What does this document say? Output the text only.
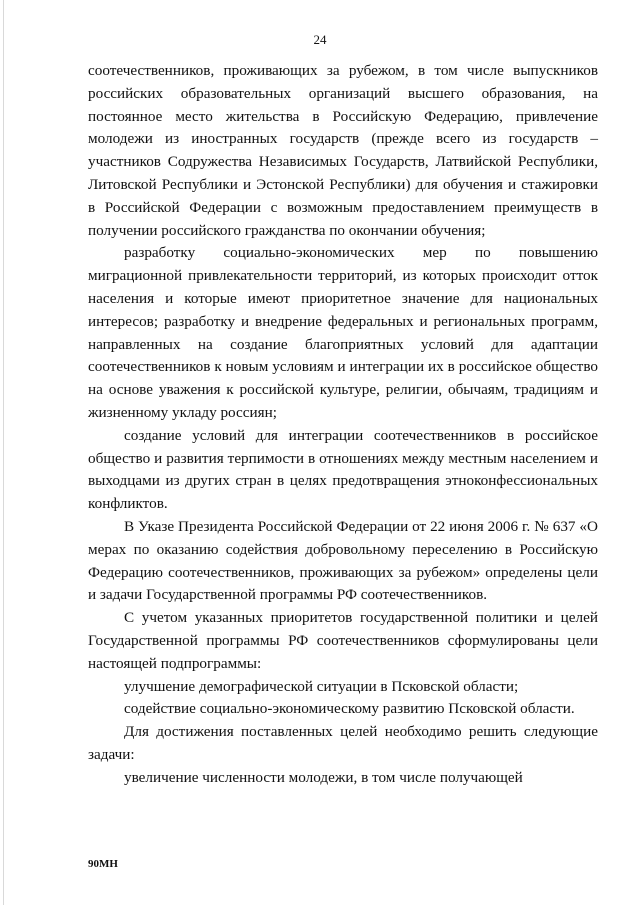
24

соотечественников, проживающих за рубежом, в том числе выпускников российских образовательных организаций высшего образования, на постоянное место жительства в Российскую Федерацию, привлечение молодежи из иностранных государств (прежде всего из государств – участников Содружества Независимых Государств, Латвийской Республики, Литовской Республики и Эстонской Республики) для обучения и стажировки в Российской Федерации с возможным предоставлением преимуществ в получении российского гражданства по окончании обучения;

разработку социально-экономических мер по повышению миграционной привлекательности территорий, из которых происходит отток населения и которые имеют приоритетное значение для национальных интересов; разработку и внедрение федеральных и региональных программ, направленных на создание благоприятных условий для адаптации соотечественников к новым условиям и интеграции их в российское общество на основе уважения к российской культуре, религии, обычаям, традициям и жизненному укладу россиян;

создание условий для интеграции соотечественников в российское общество и развития терпимости в отношениях между местным населением и выходцами из других стран в целях предотвращения этноконфессиональных конфликтов.

В Указе Президента Российской Федерации от 22 июня 2006 г. № 637 «О мерах по оказанию содействия добровольному переселению в Российскую Федерацию соотечественников, проживающих за рубежом» определены цели и задачи Государственной программы РФ соотечественников.

С учетом указанных приоритетов государственной политики и целей Государственной программы РФ соотечественников сформулированы цели настоящей подпрограммы:

улучшение демографической ситуации в Псковской области;

содействие социально-экономическому развитию Псковской области.

Для достижения поставленных целей необходимо решить следующие задачи:

увеличение численности молодежи, в том числе получающей

90МН
